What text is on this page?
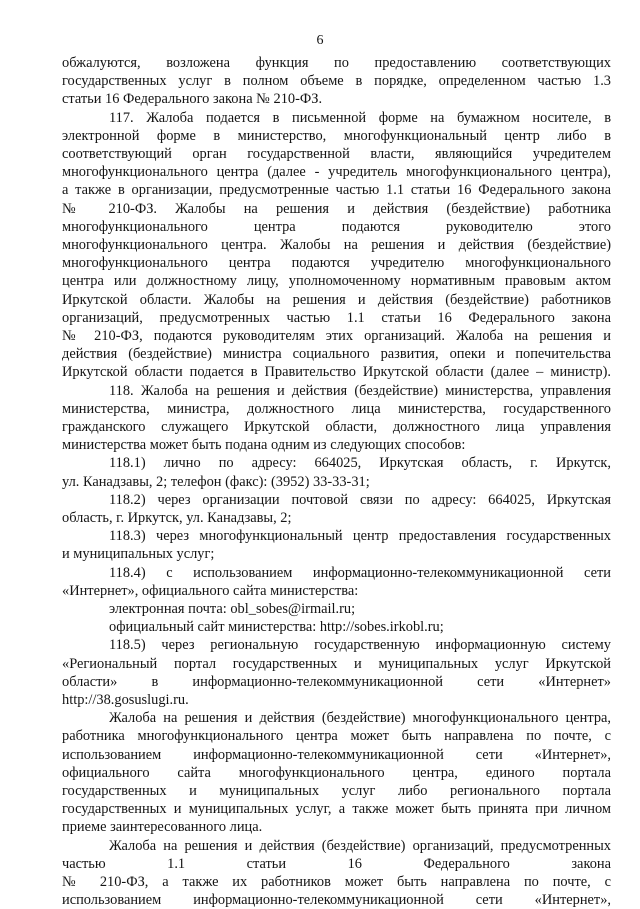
6
обжалуются, возложена функция по предоставлению соответствующих
государственных услуг в полном объеме в порядке, определенном частью 1.3
статьи 16 Федерального закона № 210-ФЗ.
117. Жалоба подается в письменной форме на бумажном носителе, в
электронной форме в министерство, многофункциональный центр либо в
соответствующий орган государственной власти, являющийся учредителем
многофункционального центра (далее - учредитель многофункционального центра),
а также в организации, предусмотренные частью 1.1 статьи 16 Федерального закона
№ 210-ФЗ. Жалобы на решения и действия (бездействие) работника
многофункционального центра подаются руководителю этого
многофункционального центра. Жалобы на решения и действия (бездействие)
многофункционального центра подаются учредителю многофункционального
центра или должностному лицу, уполномоченному нормативным правовым актом
Иркутской области. Жалобы на решения и действия (бездействие) работников
организаций, предусмотренных частью 1.1 статьи 16 Федерального закона
№ 210-ФЗ, подаются руководителям этих организаций. Жалоба на решения и
действия (бездействие) министра социального развития, опеки и попечительства
Иркутской области подается в Правительство Иркутской области (далее – министр).
118. Жалоба на решения и действия (бездействие) министерства, управления
министерства, министра, должностного лица министерства, государственного
гражданского служащего Иркутской области, должностного лица управления
министерства может быть подана одним из следующих способов:
118.1) лично по адресу: 664025, Иркутская область, г. Иркутск,
ул. Канадзавы, 2; телефон (факс): (3952) 33-33-31;
118.2) через организации почтовой связи по адресу: 664025, Иркутская
область, г. Иркутск, ул. Канадзавы, 2;
118.3) через многофункциональный центр предоставления государственных
и муниципальных услуг;
118.4) с использованием информационно-телекоммуникационной сети
«Интернет», официального сайта министерства:
электронная почта: obl_sobes@irmail.ru;
официальный сайт министерства: http://sobes.irkobl.ru;
118.5) через региональную государственную информационную систему
«Региональный портал государственных и муниципальных услуг Иркутской
области» в информационно-телекоммуникационной сети «Интернет»
http://38.gosuslugi.ru.
Жалоба на решения и действия (бездействие) многофункционального центра,
работника многофункционального центра может быть направлена по почте, с
использованием информационно-телекоммуникационной сети «Интернет»,
официального сайта многофункционального центра, единого портала
государственных и муниципальных услуг либо регионального портала
государственных и муниципальных услуг, а также может быть принята при личном
приеме заинтересованного лица.
Жалоба на решения и действия (бездействие) организаций, предусмотренных
частью 1.1 статьи 16 Федерального закона
№ 210-ФЗ, а также их работников может быть направлена по почте, с
использованием информационно-телекоммуникационной сети «Интернет»,
